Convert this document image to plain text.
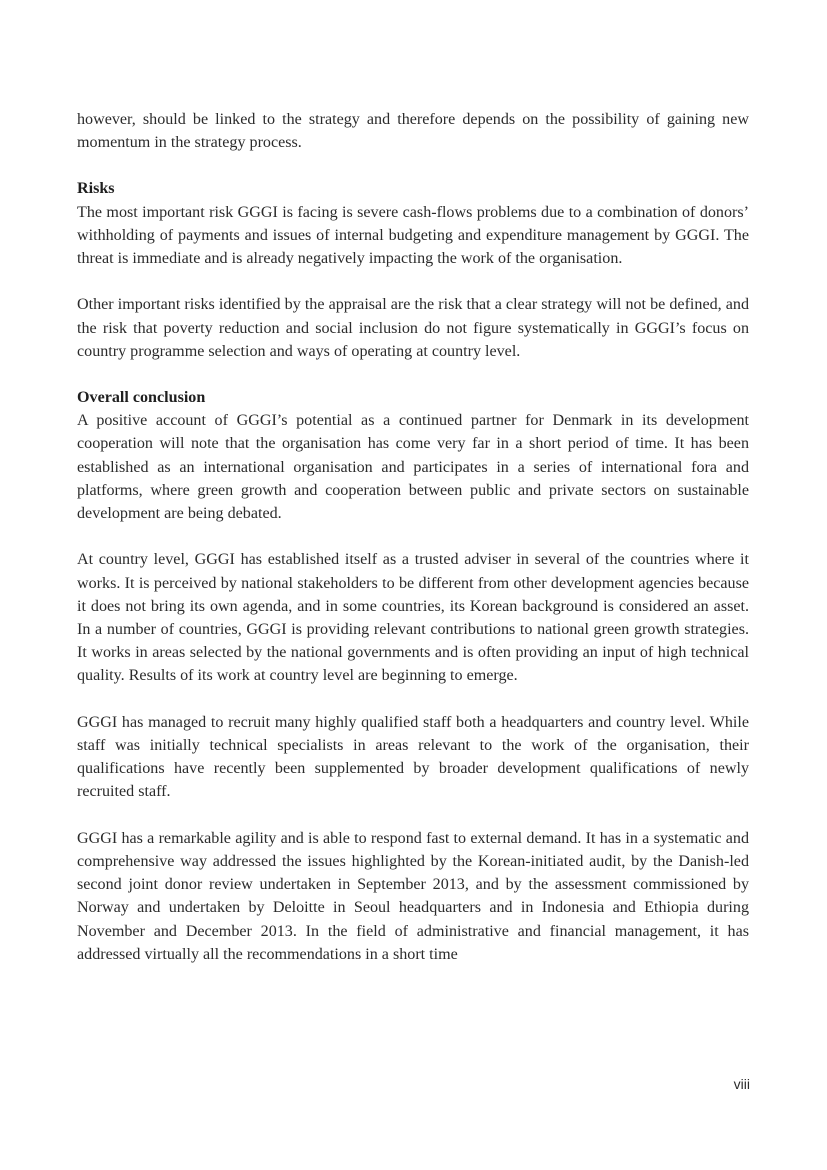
however, should be linked to the strategy and therefore depends on the possibility of gaining new momentum in the strategy process.

Risks

The most important risk GGGI is facing is severe cash-flows problems due to a combination of donors’ withholding of payments and issues of internal budgeting and expenditure management by GGGI. The threat is immediate and is already negatively impacting the work of the organisation.

Other important risks identified by the appraisal are the risk that a clear strategy will not be defined, and the risk that poverty reduction and social inclusion do not figure systematically in GGGI’s focus on country programme selection and ways of operating at country level.

Overall conclusion

A positive account of GGGI’s potential as a continued partner for Denmark in its development cooperation will note that the organisation has come very far in a short period of time. It has been established as an international organisation and participates in a series of international fora and platforms, where green growth and cooperation between public and private sectors on sustainable development are being debated.

At country level, GGGI has established itself as a trusted adviser in several of the countries where it works. It is perceived by national stakeholders to be different from other development agencies because it does not bring its own agenda, and in some countries, its Korean background is considered an asset. In a number of countries, GGGI is providing relevant contributions to national green growth strategies. It works in areas selected by the national governments and is often providing an input of high technical quality. Results of its work at country level are beginning to emerge.

GGGI has managed to recruit many highly qualified staff both a headquarters and country level. While staff was initially technical specialists in areas relevant to the work of the organisation, their qualifications have recently been supplemented by broader development qualifications of newly recruited staff.

GGGI has a remarkable agility and is able to respond fast to external demand. It has in a systematic and comprehensive way addressed the issues highlighted by the Korean-initiated audit, by the Danish-led second joint donor review undertaken in September 2013, and by the assessment commissioned by Norway and undertaken by Deloitte in Seoul headquarters and in Indonesia and Ethiopia during November and December 2013. In the field of administrative and financial management, it has addressed virtually all the recommendations in a short time

viii
